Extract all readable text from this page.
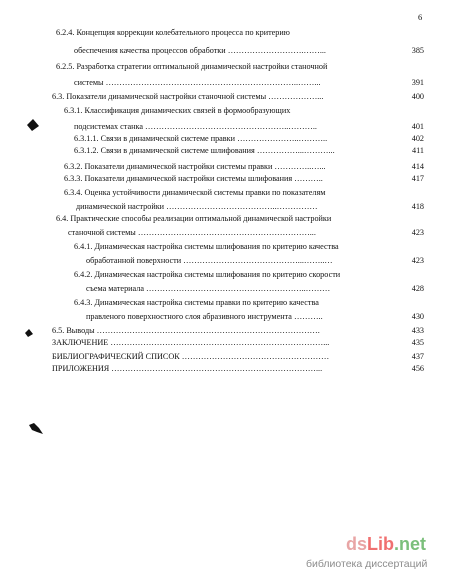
6
6.2.4. Концепция коррекции колебательного процесса по критерию
обеспечения качества процессов обработки ……………………….……...	385
6.2.5. Разработка стратегии оптимальной динамической настройки станочной
системы ……………………………………………………………..……...	391
6.3. Показатели динамической настройки станочной системы ………………...	400
6.3.1. Классификация динамических связей в формообразующих
подсистемах станка ……………………………………………..………..	401
6.3.1.1. Связи в динамической системе правки …………………..………..	402
6.3.1.2. Связи в динамической системе шлифования ……………...………...	411
6.3.2. Показатели динамической настройки системы правки …………..…...	414
6.3.3. Показатели динамической настройки системы шлифования ………..	417
6.3.4. Оценка устойчивости динамической системы правки по показателям
динамической настройки …………………………………..……………	418
6.4. Практические способы реализации оптимальной динамической настройки
станочной системы ………………………………………………………...	423
6.4.1. Динамическая настройка системы шлифования по критерию качества
обработанной поверхности ……………………………………...……..…	423
6.4.2. Динамическая настройка системы шлифования по критерию скорости
съема материала …………………………………………………..………	428
6.4.3. Динамическая настройка системы правки по критерию качества
правленого поверхностного слоя абразивного инструмента ………..	430
6.5. Выводы ……………………………………………………………………….	433
ЗАКЛЮЧЕНИЕ ……………………………………………………………………...	435
БИБЛИОГРАФИЧЕСКИЙ СПИСОК ………………………………………………	437
ПРИЛОЖЕНИЯ …………………………………………………………………...	456
dsLib.net
библиотека диссертаций
